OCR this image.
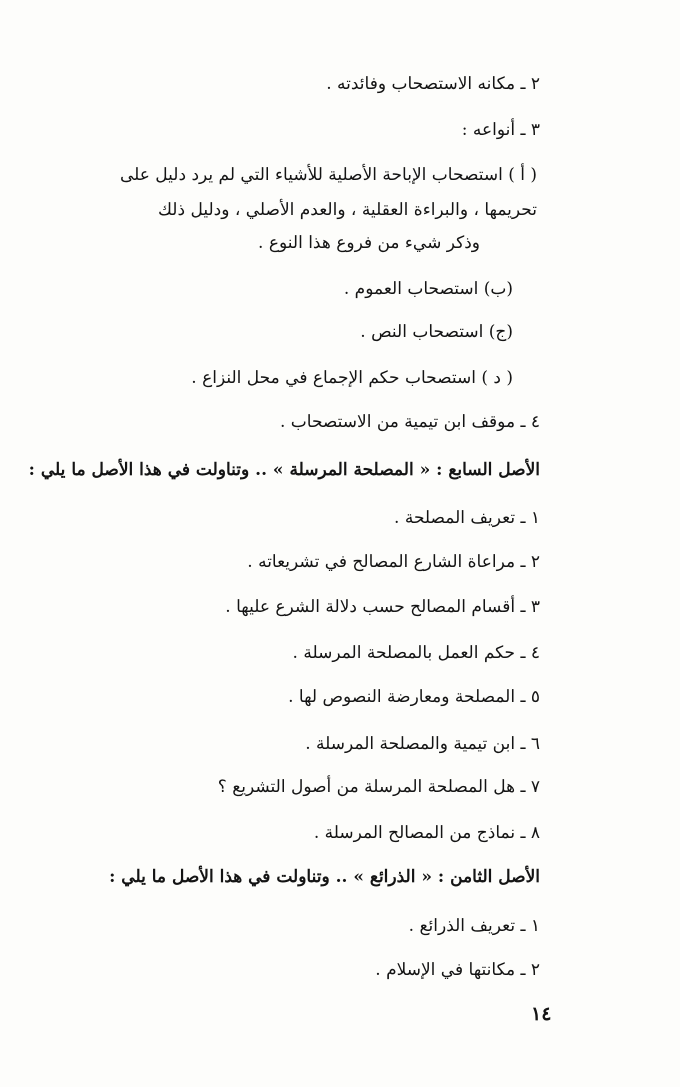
٢ ـ مكانه الاستصحاب وفائدته .
٣ ـ أنواعه :
( أ ) استصحاب الإباحة الأصلية للأشياء التي لم يرد دليل على
تحريمها ، والبراءة العقلية ، والعدم الأصلي ، ودليل ذلك
وذكر شيء من فروع هذا النوع .
(ب) استصحاب العموم .
(ج) استصحاب النص .
( د ) استصحاب حكم الإجماع في محل النزاع .
٤ ـ موقف ابن تيمية من الاستصحاب .
الأصل السابع : « المصلحة المرسلة » .. وتناولت في هذا الأصل ما يلي :
١ ـ تعريف المصلحة .
٢ ـ مراعاة الشارع المصالح في تشريعاته .
٣ ـ أقسام المصالح حسب دلالة الشرع عليها .
٤ ـ حكم العمل بالمصلحة المرسلة .
٥ ـ المصلحة ومعارضة النصوص لها .
٦ ـ ابن تيمية والمصلحة المرسلة .
٧ ـ هل المصلحة المرسلة من أصول التشريع ؟
٨ ـ نماذج من المصالح المرسلة .
الأصل الثامن : « الذرائع » .. وتناولت في هذا الأصل ما يلي :
١ ـ تعريف الذرائع .
٢ ـ مكانتها في الإسلام .
١٤
